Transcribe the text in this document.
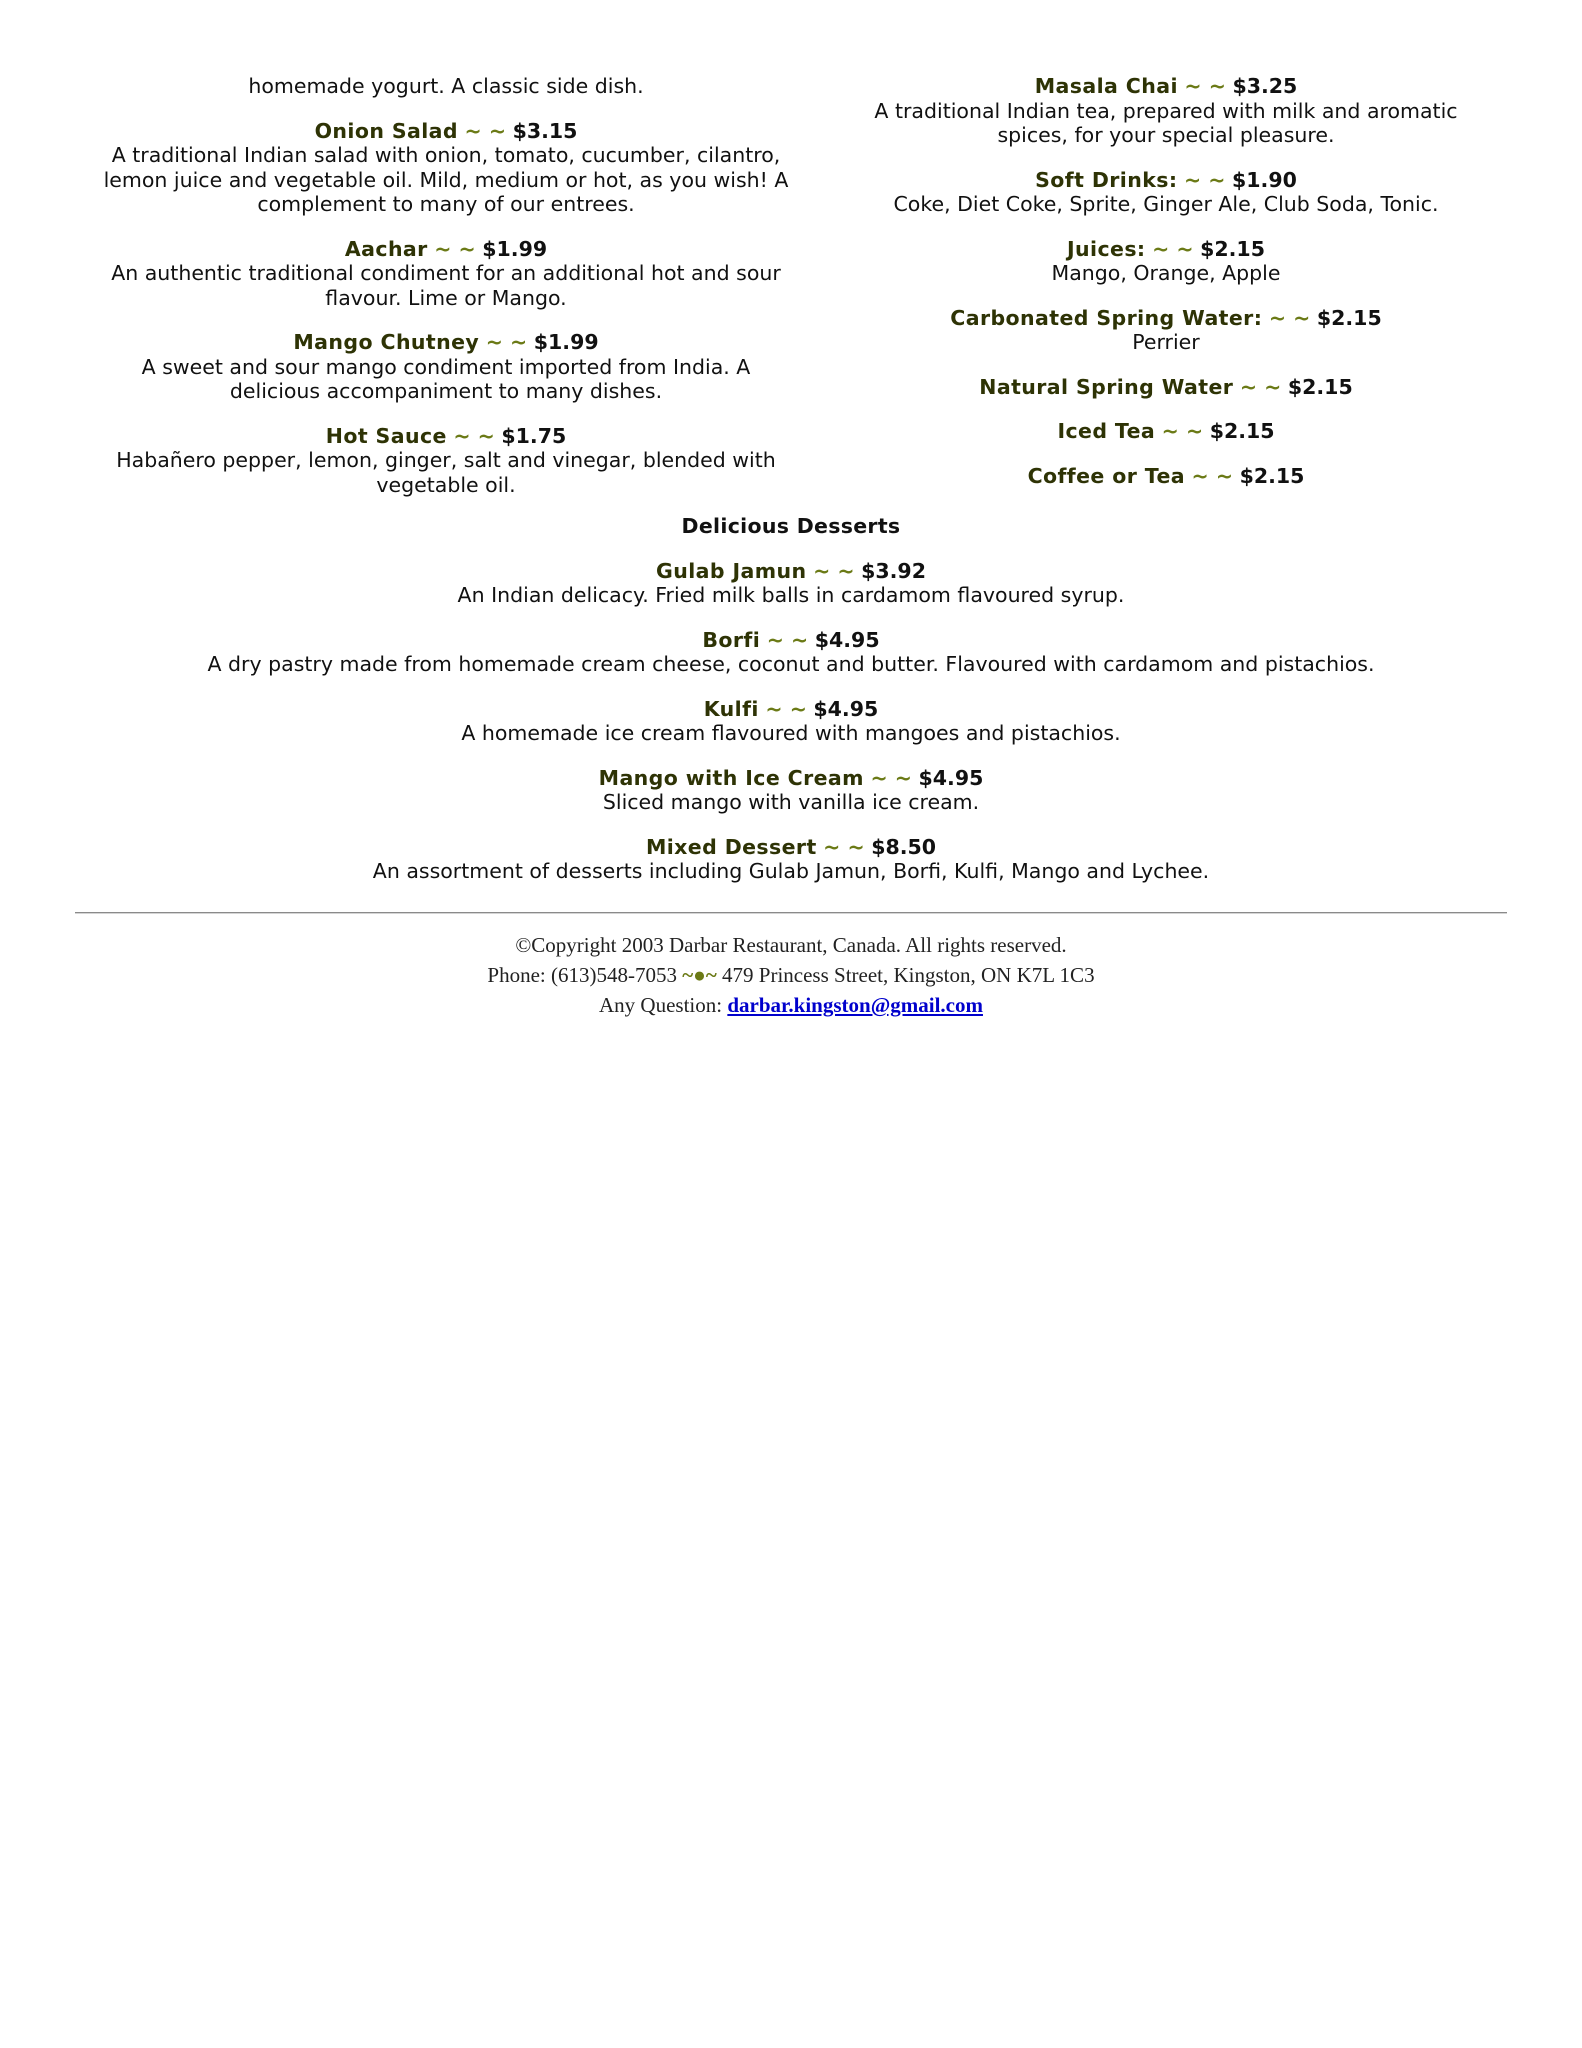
homemade yogurt. A classic side dish.
Onion Salad ~ ~ $3.15
A traditional Indian salad with onion, tomato, cucumber, cilantro, lemon juice and vegetable oil. Mild, medium or hot, as you wish! A complement to many of our entrees.
Aachar ~ ~ $1.99
An authentic traditional condiment for an additional hot and sour flavour. Lime or Mango.
Mango Chutney ~ ~ $1.99
A sweet and sour mango condiment imported from India. A delicious accompaniment to many dishes.
Hot Sauce ~ ~ $1.75
Habañero pepper, lemon, ginger, salt and vinegar, blended with vegetable oil.
Masala Chai ~ ~ $3.25
A traditional Indian tea, prepared with milk and aromatic spices, for your special pleasure.
Soft Drinks: ~ ~ $1.90
Coke, Diet Coke, Sprite, Ginger Ale, Club Soda, Tonic.
Juices: ~ ~ $2.15
Mango, Orange, Apple
Carbonated Spring Water: ~ ~ $2.15
Perrier
Natural Spring Water ~ ~ $2.15
Iced Tea ~ ~ $2.15
Coffee or Tea ~ ~ $2.15
Delicious Desserts
Gulab Jamun ~ ~ $3.92
An Indian delicacy. Fried milk balls in cardamom flavoured syrup.
Borfi ~ ~ $4.95
A dry pastry made from homemade cream cheese, coconut and butter. Flavoured with cardamom and pistachios.
Kulfi ~ ~ $4.95
A homemade ice cream flavoured with mangoes and pistachios.
Mango with Ice Cream ~ ~ $4.95
Sliced mango with vanilla ice cream.
Mixed Dessert ~ ~ $8.50
An assortment of desserts including Gulab Jamun, Borfi, Kulfi, Mango and Lychee.
©Copyright 2003 Darbar Restaurant, Canada. All rights reserved.
Phone: (613)548-7053 ~●~ 479 Princess Street, Kingston, ON K7L 1C3
Any Question: darbar.kingston@gmail.com
